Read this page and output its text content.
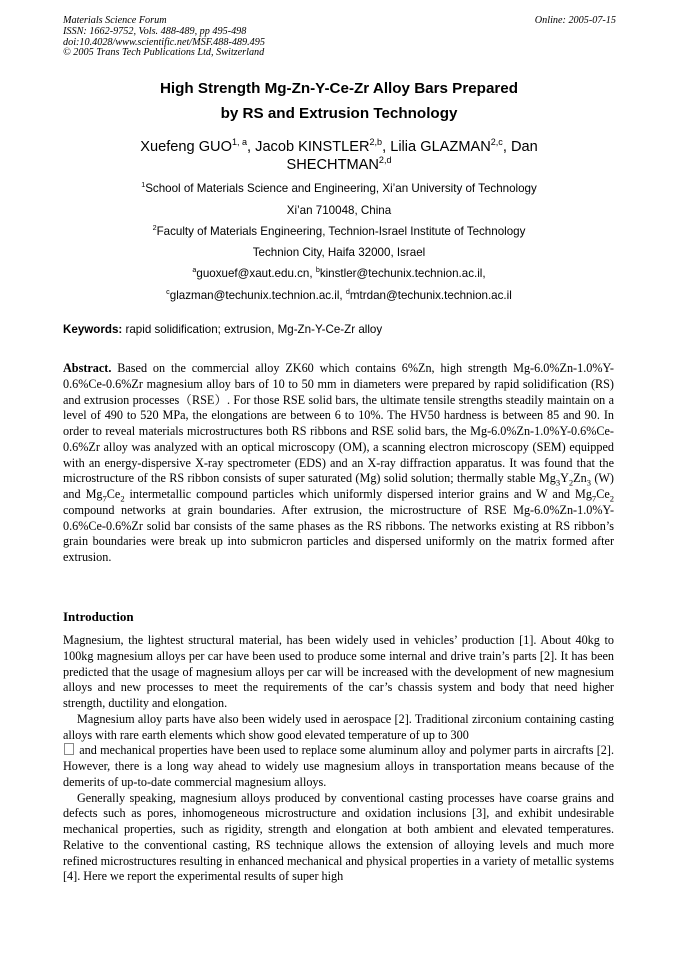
Materials Science Forum
ISSN: 1662-9752, Vols. 488-489, pp 495-498
doi:10.4028/www.scientific.net/MSF.488-489.495
© 2005 Trans Tech Publications Ltd, Switzerland
Online: 2005-07-15
High Strength Mg-Zn-Y-Ce-Zr Alloy Bars Prepared
by RS and Extrusion Technology
Xuefeng GUO$^{1, a}$, Jacob KINSTLER$^{2,b}$, Lilia GLAZMAN$^{2,c}$, Dan
SHECHTMAN$^{2,d}$
$^1$School of Materials Science and Engineering, Xi’an University of Technology
Xi’an 710048, China
$^2$Faculty of Materials Engineering, Technion-Israel Institute of Technology
Technion City, Haifa 32000, Israel
$^a$guoxuef@xaut.edu.cn, $^b$kinstler@techunix.technion.ac.il,
$^c$glazman@techunix.technion.ac.il, $^d$mtrdan@techunix.technion.ac.il
Keywords: rapid solidification; extrusion, Mg-Zn-Y-Ce-Zr alloy

Abstract. Based on the commercial alloy ZK60 which contains 6%Zn, high strength Mg-6.0%Zn-1.0%Y-0.6%Ce-0.6%Zr magnesium alloy bars of 10 to 50 mm in diameters were prepared by rapid solidification (RS) and extrusion processes（RSE）. For those RSE solid bars, the ultimate tensile strengths steadily maintain on a level of 490 to 520 MPa, the elongations are between 6 to 10%. The HV50 hardness is between 85 and 90. In order to reveal materials microstructures both RS ribbons and RSE solid bars, the Mg-6.0%Zn-1.0%Y-0.6%Ce-0.6%Zr alloy was analyzed with an optical microscopy (OM), a scanning electron microscopy (SEM) equipped with an energy-dispersive X-ray spectrometer (EDS) and an X-ray diffraction apparatus. It was found that the microstructure of the RS ribbon consists of super saturated (Mg) solid solution; thermally stable $Mg_3Y_2Zn_3$ (W) and $Mg_7Ce_2$ intermetallic compound particles which uniformly dispersed interior grains and W and $Mg_7Ce_2$ compound networks at grain boundaries. After extrusion, the microstructure of RSE Mg-6.0%Zn-1.0%Y-0.6%Ce-0.6%Zr solid bar consists of the same phases as the RS ribbons. The networks existing at RS ribbon’s grain boundaries were break up into submicron particles and dispersed uniformly on the matrix formed after extrusion.

Introduction

Magnesium, the lightest structural material, has been widely used in vehicles’ production [1]. About 40kg to 100kg magnesium alloys per car have been used to produce some internal and drive train’s parts [2]. It has been predicted that the usage of magnesium alloys per car will be increased with the development of new magnesium alloys and new processes to meet the requirements of the car’s chassis system and body that need higher strength, ductility and elongation.

Magnesium alloy parts have also been widely used in aerospace [2]. Traditional zirconium containing casting alloys with rare earth elements which show good elevated temperature of up to 300
and mechanical properties have been used to replace some aluminum alloy and polymer parts in aircrafts [2]. However, there is a long way ahead to widely use magnesium alloys in transportation means because of the demerits of up-to-date commercial magnesium alloys.

Generally speaking, magnesium alloys produced by conventional casting processes have coarse grains and defects such as pores, inhomogeneous microstructure and oxidation inclusions [3], and exhibit undesirable mechanical properties, such as rigidity, strength and elongation at both ambient and elevated temperatures. Relative to the conventional casting, RS technique allows the extension of alloying levels and much more refined microstructures resulting in enhanced mechanical and physical properties in a variety of metallic systems [4]. Here we report the experimental results of super high
